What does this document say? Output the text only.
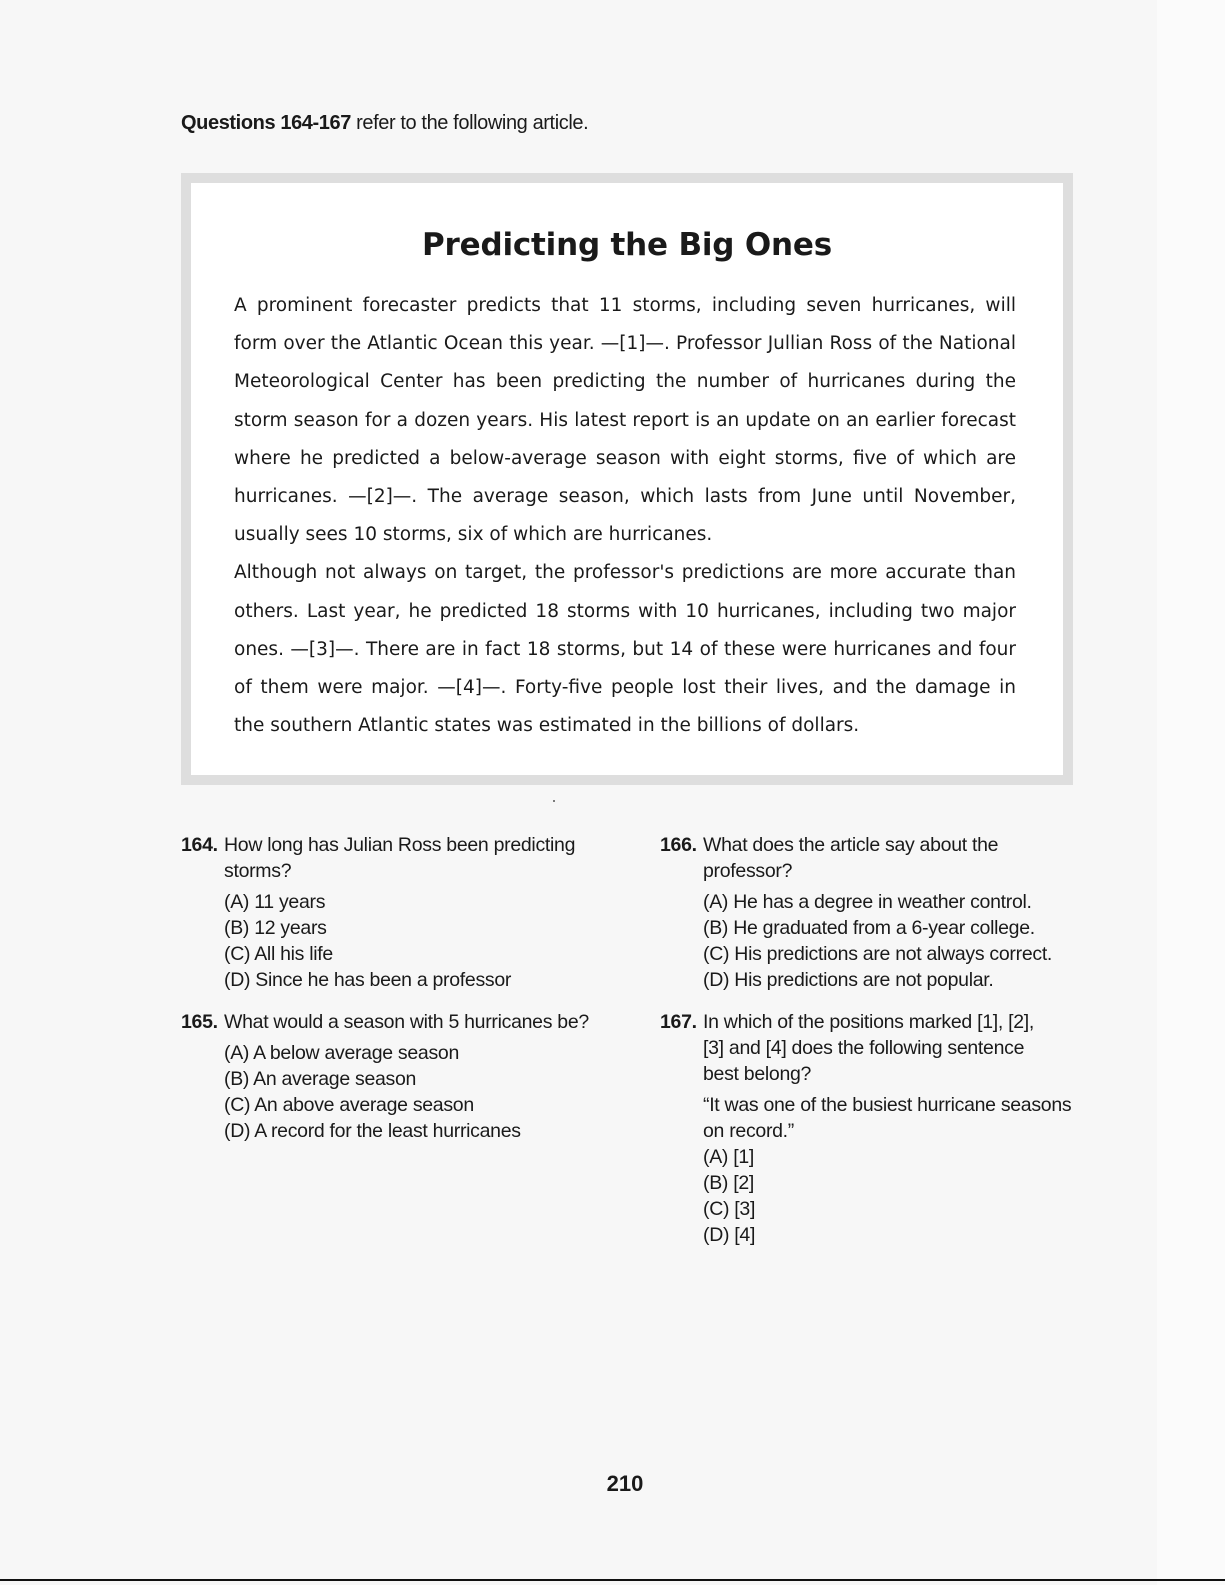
Questions 164-167 refer to the following article.
Predicting the Big Ones

A prominent forecaster predicts that 11 storms, including seven hurricanes, will form over the Atlantic Ocean this year. —[1]—. Professor Jullian Ross of the National Meteorological Center has been predicting the number of hurricanes during the storm season for a dozen years. His latest report is an update on an earlier forecast where he predicted a below-average season with eight storms, five of which are hurricanes. —[2]—. The average season, which lasts from June until November, usually sees 10 storms, six of which are hurricanes.

Although not always on target, the professor's predictions are more accurate than others. Last year, he predicted 18 storms with 10 hurricanes, including two major ones. —[3]—. There are in fact 18 storms, but 14 of these were hurricanes and four of them were major. —[4]—. Forty-five people lost their lives, and the damage in the southern Atlantic states was estimated in the billions of dollars.

164. How long has Julian Ross been predicting storms?
(A) 11 years
(B) 12 years
(C) All his life
(D) Since he has been a professor
165. What would a season with 5 hurricanes be?
(A) A below average season
(B) An average season
(C) An above average season
(D) A record for the least hurricanes
166. What does the article say about the professor?
(A) He has a degree in weather control.
(B) He graduated from a 6-year college.
(C) His predictions are not always correct.
(D) His predictions are not popular.
167. In which of the positions marked [1], [2], [3] and [4] does the following sentence best belong?
“It was one of the busiest hurricane seasons on record.”
(A) [1]
(B) [2]
(C) [3]
(D) [4]
210
